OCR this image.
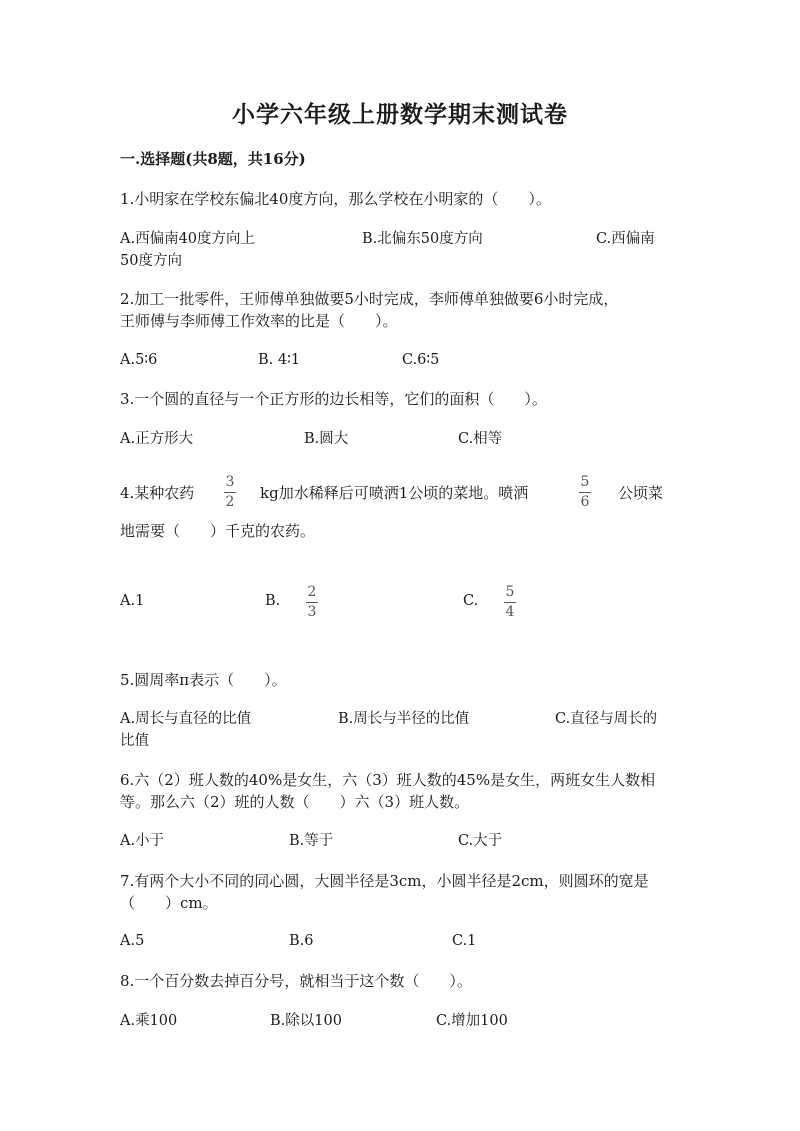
小学六年级上册数学期末测试卷
一.选择题(共8题，共16分)
1.小明家在学校东偏北40度方向，那么学校在小明家的（　　）。
A.西偏南40度方向上	B.北偏东50度方向	C.西偏南
50度方向
2.加工一批零件，王师傅单独做要5小时完成，李师傅单独做要6小时完成，
王师傅与李师傅工作效率的比是（　　）。
A.5∶6	B. 4∶1	C.6∶5
3.一个圆的直径与一个正方形的边长相等，它们的面积（　　）。
A.正方形大	B.圆大	C.相等
4.某种农药
3
2 kg加水稀释后可喷洒1公顷的菜地。喷洒
5
6 公顷菜
地需要（　　）千克的农药。
A.1	B.
2
3
C.
5
4
5.圆周率π表示（　　）。
A.周长与直径的比值	B.周长与半径的比值	C.直径与周长的
比值
6.六（2）班人数的40%是女生，六（3）班人数的45%是女生，两班女生人数相
等。那么六（2）班的人数（　　）六（3）班人数。
A.小于	B.等于	C.大于
7.有两个大小不同的同心圆，大圆半径是3cm，小圆半径是2cm，则圆环的宽是
（　　）cm。
A.5	B.6	C.1
8.一个百分数去掉百分号，就相当于这个数（　　）。
A.乘100	B.除以100	C.增加100
